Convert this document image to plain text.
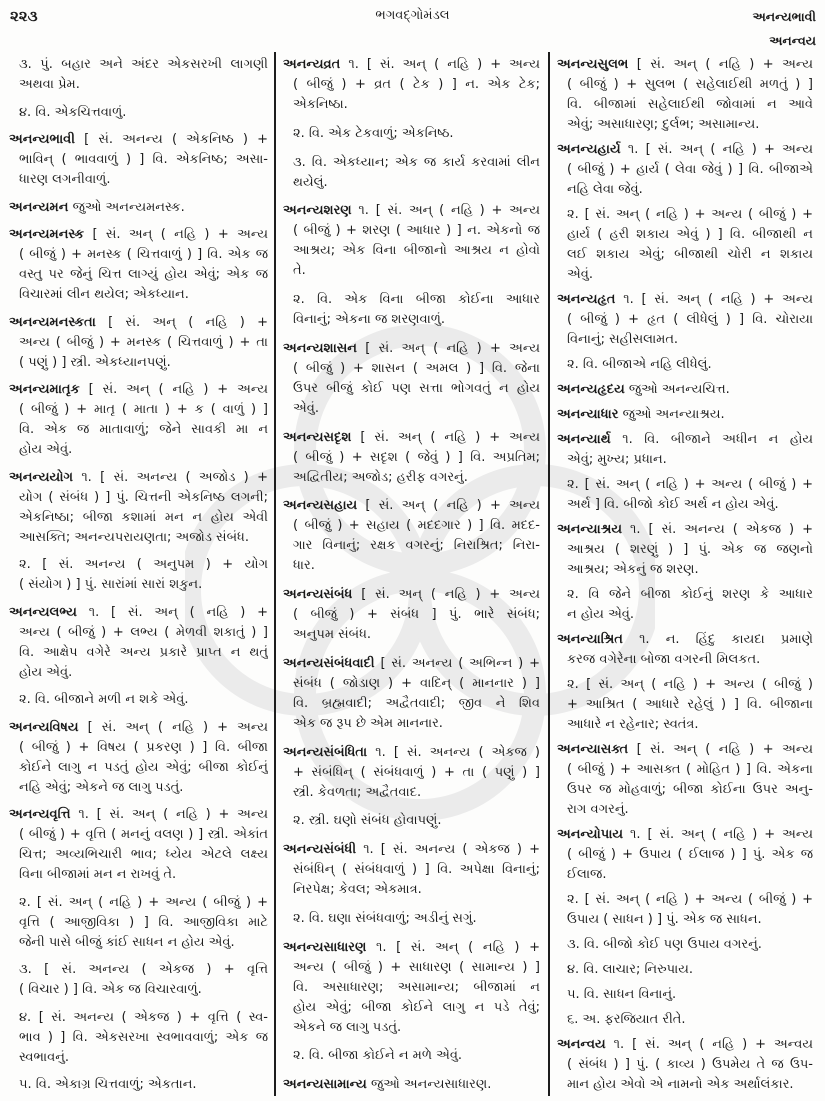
૨૨૩	ભગવદ્ગોમંડલ	અનન્યભાવી
અનન્વય
૩. પું. બહાર અને અંદર એકસરખી લાગણી
અથવા પ્રેમ.
૪. વિ. એકચિત્તવાળું.
અનન્યભાવી [ સં. અનન્ય ( એકનિષ્ઠ ) +
ભાવિન્ ( ભાવવાળું ) ] વિ. એકનિષ્ઠ; અસા-
ધારણ લગનીવાળું.
અનન્યમન જુઓ અનન્યમનસ્ક.
અનન્યમનસ્ક [ સં. અન્ ( નહિ ) + અન્ય
( બીજું ) + મનસ્ક ( ચિત્તવાળું ) ] વિ. એક જ
વસ્તુ પર જેનું ચિત્ત લાગ્યું હોય એવું; એક જ
વિચારમાં લીન થયેલ; એકધ્યાન.
અનન્યમનસ્કતા [ સં. અન્ ( નહિ ) +
અન્ય ( બીજું ) + મનસ્ક ( ચિત્તવાળું ) + તા
( પણું ) ] સ્ત્રી. એકધ્યાનપણું.
અનન્યમાતૃક [ સં. અન્ ( નહિ ) + અન્ય
( બીજું ) + માતૃ ( માતા ) + ક ( વાળું ) ]
વિ. એક જ માતાવાળું; જેને સાવકી મા ન
હોય એવું.
અનન્યયોગ ૧. [ સં. અનન્ય ( અજોડ ) +
યોગ ( સંબંધ ) ] પું. ચિત્તની એકનિષ્ઠ લગની;
એકનિષ્ઠા; બીજા કશામાં મન ન હોય એવી
આસક્તિ; અનન્યપરાયણતા; અજોડ સંબંધ.
૨. [ સં. અનન્ય ( અનુપમ ) + યોગ
( સંયોગ ) ] પું. સારાંમાં સારાં શકુન.
અનન્યલભ્ય ૧. [ સં. અન્ ( નહિ ) +
અન્ય ( બીજું ) + લભ્ય ( મેળવી શકાતું ) ]
વિ. આક્ષેપ વગેરે અન્ય પ્રકારે પ્રાપ્ત ન થતું
હોય એવું.
૨. વિ. બીજાને મળી ન શકે એવું.
અનન્યવિષય [ સં. અન્ ( નહિ ) + અન્ય
( બીજું ) + વિષય ( પ્રકરણ ) ] વિ. બીજા
કોઈને લાગુ ન પડતું હોય એવું; બીજા કોઈનું
નહિ એવું; એકને જ લાગુ પડતું.
અનન્યવૃત્તિ ૧. [ સં. અન્ ( નહિ ) + અન્ય
( બીજું ) + વૃત્તિ ( મનનું વલણ ) ] સ્ત્રી. એકાંત
ચિત્ત; અવ્યભિચારી ભાવ; ધ્યેય એટલે લક્ષ્ય
વિના બીજામાં મન ન રાખવું તે.
૨. [ સં. અન્ ( નહિ ) + અન્ય ( બીજું ) +
વૃત્તિ ( આજીવિકા ) ] વિ. આજીવિકા માટે
જેની પાસે બીજું કાંઈ સાધન ન હોય એવું.
૩. [ સં. અનન્ય ( એકજ ) + વૃત્તિ
( વિચાર ) ] વિ. એક જ વિચારવાળું.
૪. [ સં. અનન્ય ( એકજ ) + વૃત્તિ ( સ્વ-
ભાવ ) ] વિ. એકસરખા સ્વભાવવાળું; એક જ
સ્વભાવનું.
૫. વિ. એકાગ્ર ચિત્તવાળું; એકતાન.
અનન્યવ્રત ૧. [ સં. અન્ ( નહિ ) + અન્ય
( બીજું ) + વ્રત ( ટેક ) ] ન. એક ટેક;
એકનિષ્ઠા.
૨. વિ. એક ટેકવાળું; એકનિષ્ઠ.
૩. વિ. એકધ્યાન; એક જ કાર્ય કરવામાં લીન
થયેલું.
અનન્યશરણ ૧. [ સં. અન્ ( નહિ ) + અન્ય
( બીજું ) + શરણ ( આધાર ) ] ન. એકનો જ
આશ્રય; એક વિના બીજાનો આશ્રય ન હોવો
તે.
૨. વિ. એક વિના બીજા કોઈના આધાર
વિનાનું; એકના જ શરણવાળું.
અનન્યશાસન [ સં. અન્ ( નહિ ) + અન્ય
( બીજું ) + શાસન ( અમલ ) ] વિ. જેના
ઉપર બીજું કોઈ પણ સત્તા ભોગવતું ન હોય
એવું.
અનન્યસદૃશ [ સં. અન્ ( નહિ ) + અન્ય
( બીજું ) + સદૃશ ( જેવું ) ] વિ. અપ્રતિમ;
અદ્વિતીય; અજોડ; હરીફ વગરનું.
અનન્યસહાય [ સં. અન્ ( નહિ ) + અન્ય
( બીજું ) + સહાય ( મદદગાર ) ] વિ. મદદ-
ગાર વિનાનું; રક્ષક વગરનું; નિરાશ્રિત; નિરા-
ધાર.
અનન્યસંબંધ [ સં. અન્ ( નહિ ) + અન્ય
( બીજું ) + સંબંધ ] પું. ભારે સંબંધ;
અનુપમ સંબંધ.
અનન્યસંબંધવાદી [ સં. અનન્ય ( અભિન્ન ) +
સંબંધ ( જોડાણ ) + વાદિન્ ( માનનાર ) ]
વિ. બ્રહ્મવાદી; અદ્વૈતવાદી; જીવ ને શિવ
એક જ રૂપ છે એમ માનનાર.
અનન્યસંબંધિતા ૧. [ સં. અનન્ય ( એકજ )
+ સંબંધિન્ ( સંબંધવાળું ) + તા ( પણું ) ]
સ્ત્રી. કેવળતા; અદ્વૈતવાદ.
૨. સ્ત્રી. ઘણો સંબંધ હોવાપણું.
અનન્યસંબંધી ૧. [ સં. અનન્ય ( એકજ ) +
સંબંધિન્ ( સંબંધવાળું ) ] વિ. અપેક્ષા વિનાનું;
નિરપેક્ષ; કેવલ; એકમાત્ર.
૨. વિ. ઘણા સંબંધવાળું; અડીનું સગું.
અનન્યસાધારણ ૧. [ સં. અન્ ( નહિ ) +
અન્ય ( બીજું ) + સાધારણ ( સામાન્ય ) ]
વિ. અસાધારણ; અસામાન્ય; બીજામાં ન
હોય એવું; બીજા કોઈને લાગુ ન પડે તેવું;
એકને જ લાગુ પડતું.
૨. વિ. બીજા કોઈને ન મળે એવું.
અનન્યસામાન્ય જુઓ અનન્યસાધારણ.
અનન્યસુલભ [ સં. અન્ ( નહિ ) + અન્ય
( બીજું ) + સુલભ ( સહેલાઈથી મળતું ) ]
વિ. બીજામાં સહેલાઈથી જોવામાં ન આવે
એવું; અસાધારણ; દુર્લભ; અસામાન્ય.
અનન્યહાર્ય ૧. [ સં. અન્ ( નહિ ) + અન્ય
( બીજું ) + હાર્ય ( લેવા જેવું ) ] વિ. બીજાએ
નહિ લેવા જેવું.
૨. [ સં. અન્ ( નહિ ) + અન્ય ( બીજું ) +
હાર્ય ( હરી શકાય એવું ) ] વિ. બીજાથી ન
લઈ શકાય એવું; બીજાથી ચોરી ન શકાય
એવું.
અનન્યહૃત ૧. [ સં. અન્ ( નહિ ) + અન્ય
( બીજું ) + હૃત ( લીધેલું ) ] વિ. ચોરાયા
વિનાનું; સહીસલામત.
૨. વિ. બીજાએ નહિ લીધેલું.
અનન્યહૃદય જુઓ અનન્યચિત્ત.
અનન્યાધાર જુઓ અનન્યાશ્રય.
અનન્યાર્થ ૧. વિ. બીજાને અધીન ન હોય
એવું; મુખ્ય; પ્રધાન.
૨. [ સં. અન્ ( નહિ ) + અન્ય ( બીજું ) +
અર્થ ] વિ. બીજો કોઈ અર્થ ન હોય એવું.
અનન્યાશ્રય ૧. [ સં. અનન્ય ( એકજ ) +
આશ્રય ( શરણું ) ] પું. એક જ જણનો
આશ્રય; એકનું જ શરણ.
૨. વિ જેને બીજા કોઈનું શરણ કે આધાર
ન હોય એવું.
અનન્યાશ્રિત ૧. ન. હિંદુ કાયદા પ્રમાણે
કરજ વગેરેના બોજા વગરની મિલકત.
૨. [ સં. અન્ ( નહિ ) + અન્ય ( બીજું )
+ આશ્રિત ( આધારે રહેલું ) ] વિ. બીજાના
આધારે ન રહેનાર; સ્વતંત્ર.
અનન્યાસક્ત [ સં. અન્ ( નહિ ) + અન્ય
( બીજું ) + આસક્ત ( મોહિત ) ] વિ. એકના
ઉપર જ મોહવાળું; બીજા કોઈના ઉપર અનુ-
રાગ વગરનું.
અનન્યોપાય ૧. [ સં. અન્ ( નહિ ) + અન્ય
( બીજું ) + ઉપાય ( ઈલાજ ) ] પું. એક જ
ઈલાજ.
૨. [ સં. અન્ ( નહિ ) + અન્ય ( બીજું ) +
ઉપાય ( સાધન ) ] પું. એક જ સાધન.
૩. વિ. બીજો કોઈ પણ ઉપાય વગરનું.
૪. વિ. લાચાર; નિરુપાય.
૫. વિ. સાધન વિનાનું.
૬. અ. ફરજિયાત રીતે.
અનન્વય ૧. [ સં. અન્ ( નહિ ) + અન્વય
( સંબંધ ) ] પું. ( કાવ્ય ) ઉપમેય તે જ ઉપ-
માન હોય એવો એ નામનો એક અર્થાલંકાર.
